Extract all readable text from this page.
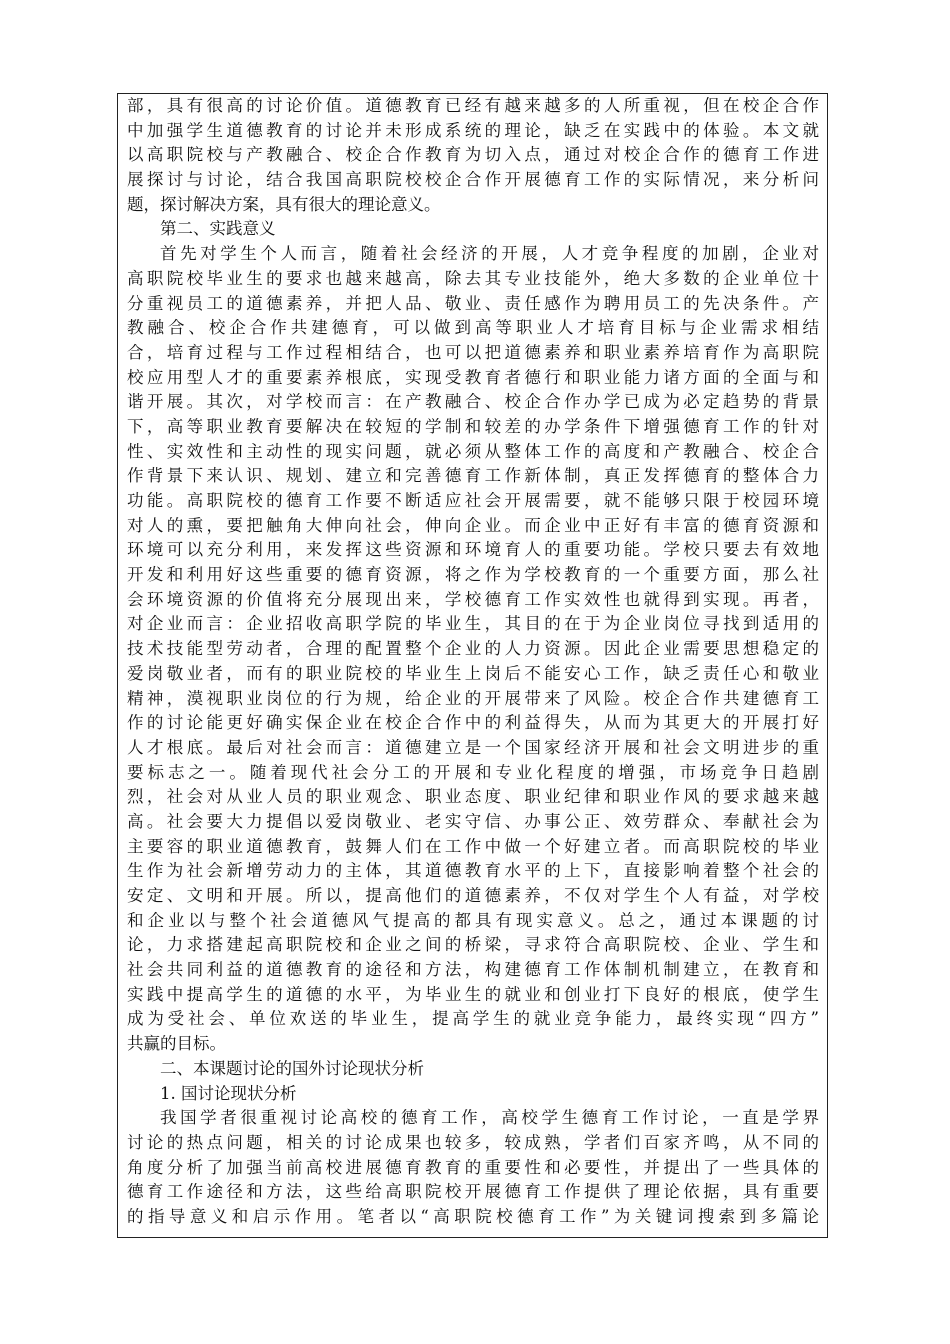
部，具有很高的讨论价值。道德教育已经有越来越多的人所重视，但在校企合作
中加强学生道德教育的讨论并未形成系统的理论，缺乏在实践中的体验。本文就
以高职院校与产教融合、校企合作教育为切入点，通过对校企合作的德育工作进
展探讨与讨论，结合我国高职院校校企合作开展德育工作的实际情况，来分析问
题，探讨解决方案，具有很大的理论意义。
第二、实践意义
首先对学生个人而言，随着社会经济的开展，人才竞争程度的加剧，企业对
高职院校毕业生的要求也越来越高，除去其专业技能外，绝大多数的企业单位十
分重视员工的道德素养，并把人品、敬业、责任感作为聘用员工的先决条件。产
教融合、校企合作共建德育，可以做到高等职业人才培育目标与企业需求相结
合，培育过程与工作过程相结合，也可以把道德素养和职业素养培育作为高职院
校应用型人才的重要素养根底，实现受教育者德行和职业能力诸方面的全面与和
谐开展。其次，对学校而言：在产教融合、校企合作办学已成为必定趋势的背景
下，高等职业教育要解决在较短的学制和较差的办学条件下增强德育工作的针对
性、实效性和主动性的现实问题，就必须从整体工作的高度和产教融合、校企合
作背景下来认识、规划、建立和完善德育工作新体制，真正发挥德育的整体合力
功能。高职院校的德育工作要不断适应社会开展需要，就不能够只限于校园环境
对人的熏，要把触角大伸向社会，伸向企业。而企业中正好有丰富的德育资源和
环境可以充分利用，来发挥这些资源和环境育人的重要功能。学校只要去有效地
开发和利用好这些重要的德育资源，将之作为学校教育的一个重要方面，那么社
会环境资源的价值将充分展现出来，学校德育工作实效性也就得到实现。再者，
对企业而言：企业招收高职学院的毕业生，其目的在于为企业岗位寻找到适用的
技术技能型劳动者，合理的配置整个企业的人力资源。因此企业需要思想稳定的
爱岗敬业者，而有的职业院校的毕业生上岗后不能安心工作，缺乏责任心和敬业
精神，漠视职业岗位的行为规，给企业的开展带来了风险。校企合作共建德育工
作的讨论能更好确实保企业在校企合作中的利益得失，从而为其更大的开展打好
人才根底。最后对社会而言：道德建立是一个国家经济开展和社会文明进步的重
要标志之一。随着现代社会分工的开展和专业化程度的增强，市场竞争日趋剧
烈，社会对从业人员的职业观念、职业态度、职业纪律和职业作风的要求越来越
高。社会要大力提倡以爱岗敬业、老实守信、办事公正、效劳群众、奉献社会为
主要容的职业道德教育，鼓舞人们在工作中做一个好建立者。而高职院校的毕业
生作为社会新增劳动力的主体，其道德教育水平的上下，直接影响着整个社会的
安定、文明和开展。所以，提高他们的道德素养，不仅对学生个人有益，对学校
和企业以与整个社会道德风气提高的都具有现实意义。总之，通过本课题的讨
论，力求搭建起高职院校和企业之间的桥梁，寻求符合高职院校、企业、学生和
社会共同利益的道德教育的途径和方法，构建德育工作体制机制建立，在教育和
实践中提高学生的道德的水平，为毕业生的就业和创业打下良好的根底，使学生
成为受社会、单位欢送的毕业生，提高学生的就业竞争能力，最终实现“四方”
共赢的目标。
二、本课题讨论的国外讨论现状分析
1. 国讨论现状分析
我国学者很重视讨论高校的德育工作，高校学生德育工作讨论，一直是学界
讨论的热点问题，相关的讨论成果也较多，较成熟，学者们百家齐鸣，从不同的
角度分析了加强当前高校进展德育教育的重要性和必要性，并提出了一些具体的
德育工作途径和方法，这些给高职院校开展德育工作提供了理论依据，具有重要
的指导意义和启示作用。笔者以“高职院校德育工作”为关键词搜索到多篇论
